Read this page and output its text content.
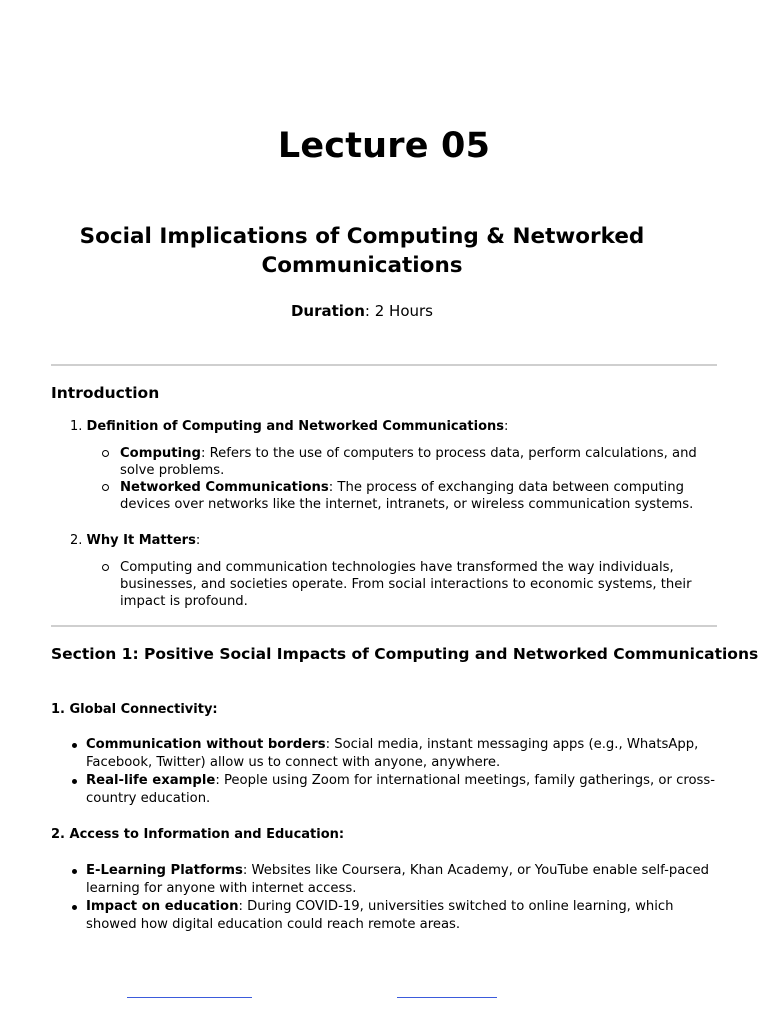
Lecture 05
Social Implications of Computing & Networked Communications
Duration: 2 Hours
Introduction
1. Definition of Computing and Networked Communications:
Computing: Refers to the use of computers to process data, perform calculations, and solve problems.
Networked Communications: The process of exchanging data between computing devices over networks like the internet, intranets, or wireless communication systems.
2. Why It Matters:
Computing and communication technologies have transformed the way individuals, businesses, and societies operate. From social interactions to economic systems, their impact is profound.
Section 1: Positive Social Impacts of Computing and Networked Communications
1. Global Connectivity:
Communication without borders: Social media, instant messaging apps (e.g., WhatsApp, Facebook, Twitter) allow us to connect with anyone, anywhere.
Real-life example: People using Zoom for international meetings, family gatherings, or cross-country education.
2. Access to Information and Education:
E-Learning Platforms: Websites like Coursera, Khan Academy, or YouTube enable self-paced learning for anyone with internet access.
Impact on education: During COVID-19, universities switched to online learning, which showed how digital education could reach remote areas.
